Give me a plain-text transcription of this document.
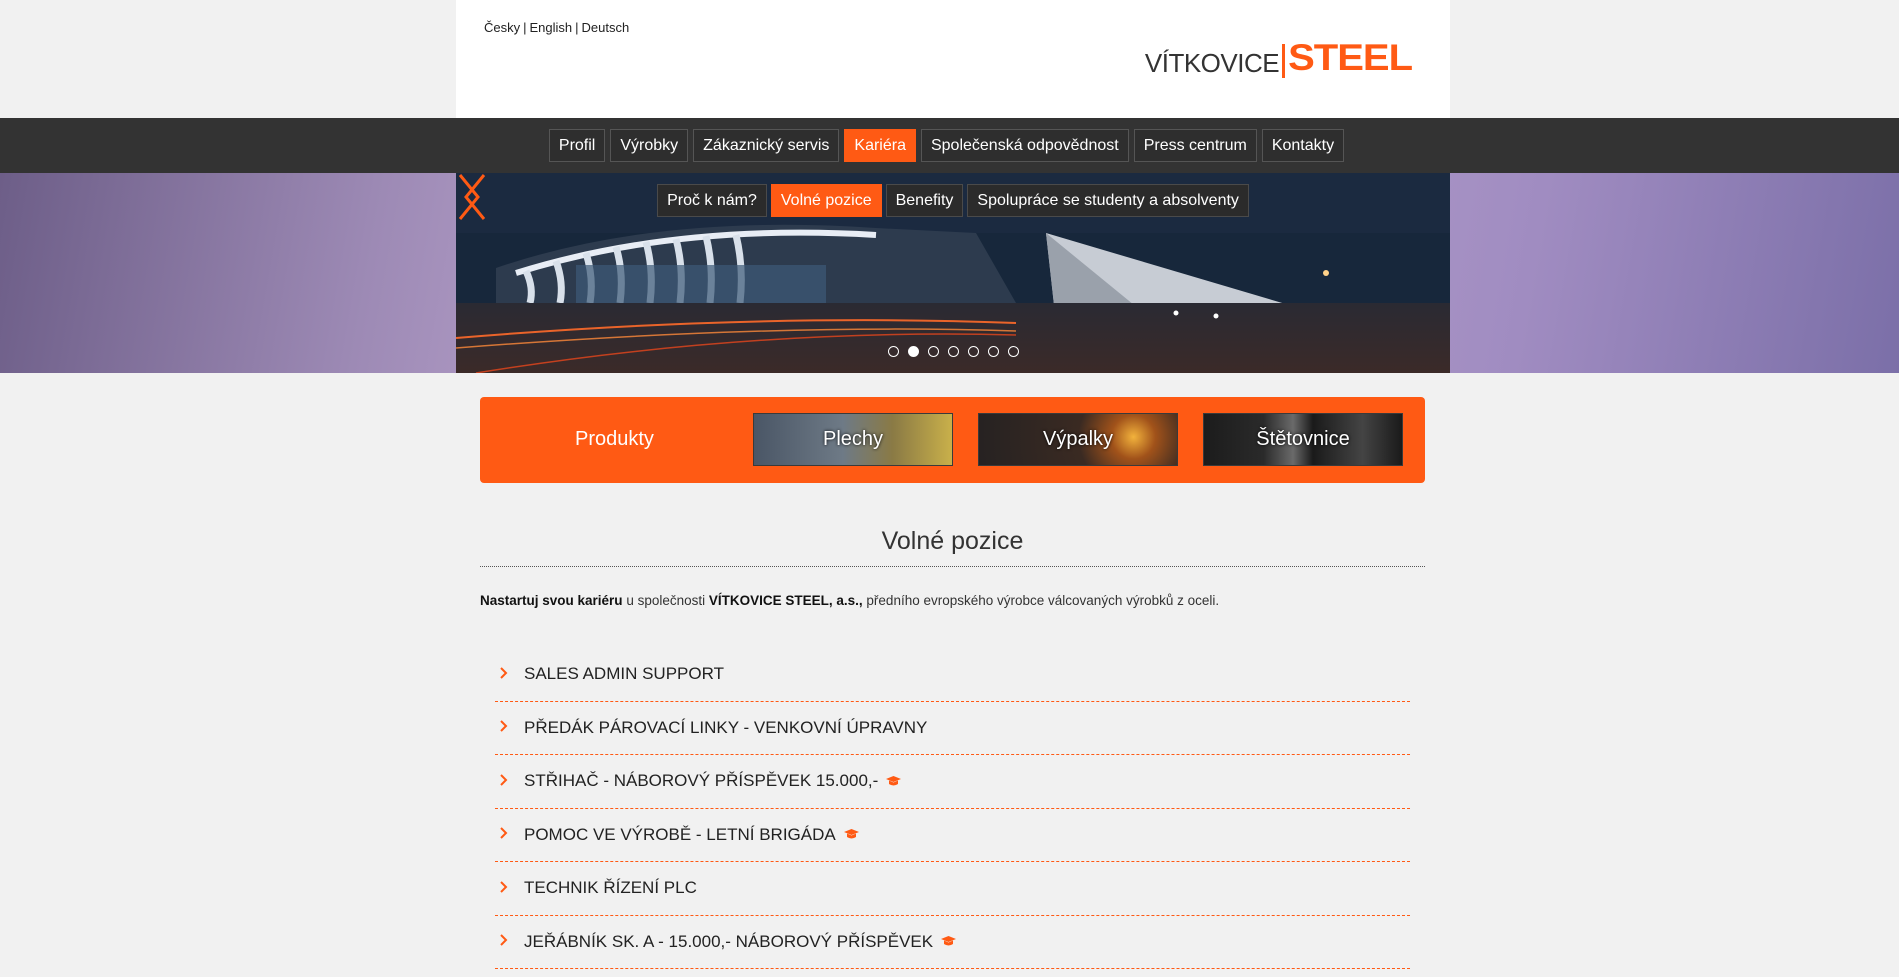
Česky | English | Deutsch
VÍTKOVICE STEEL
Profil	Výrobky	Zákaznický servis	Kariéra	Společenská odpovědnost	Press centrum	Kontakty
Proč k nám?	Volné pozice	Benefity	Spolupráce se studenty a absolventy
Produkty	Plechy	Výpalky	Štětovnice
Volné pozice

Nastartuj svou kariéru u společnosti VÍTKOVICE STEEL, a.s., předního evropského výrobce válcovaných výrobků z oceli.

SALES ADMIN SUPPORT
PŘEDÁK PÁROVACÍ LINKY - VENKOVNÍ ÚPRAVNY
STŘIHAČ - NÁBOROVÝ PŘÍSPĚVEK 15.000,-
POMOC VE VÝROBĚ - LETNÍ BRIGÁDA
TECHNIK ŘÍZENÍ PLC
JEŘÁBNÍK SK. A - 15.000,- NÁBOROVÝ PŘÍSPĚVEK
